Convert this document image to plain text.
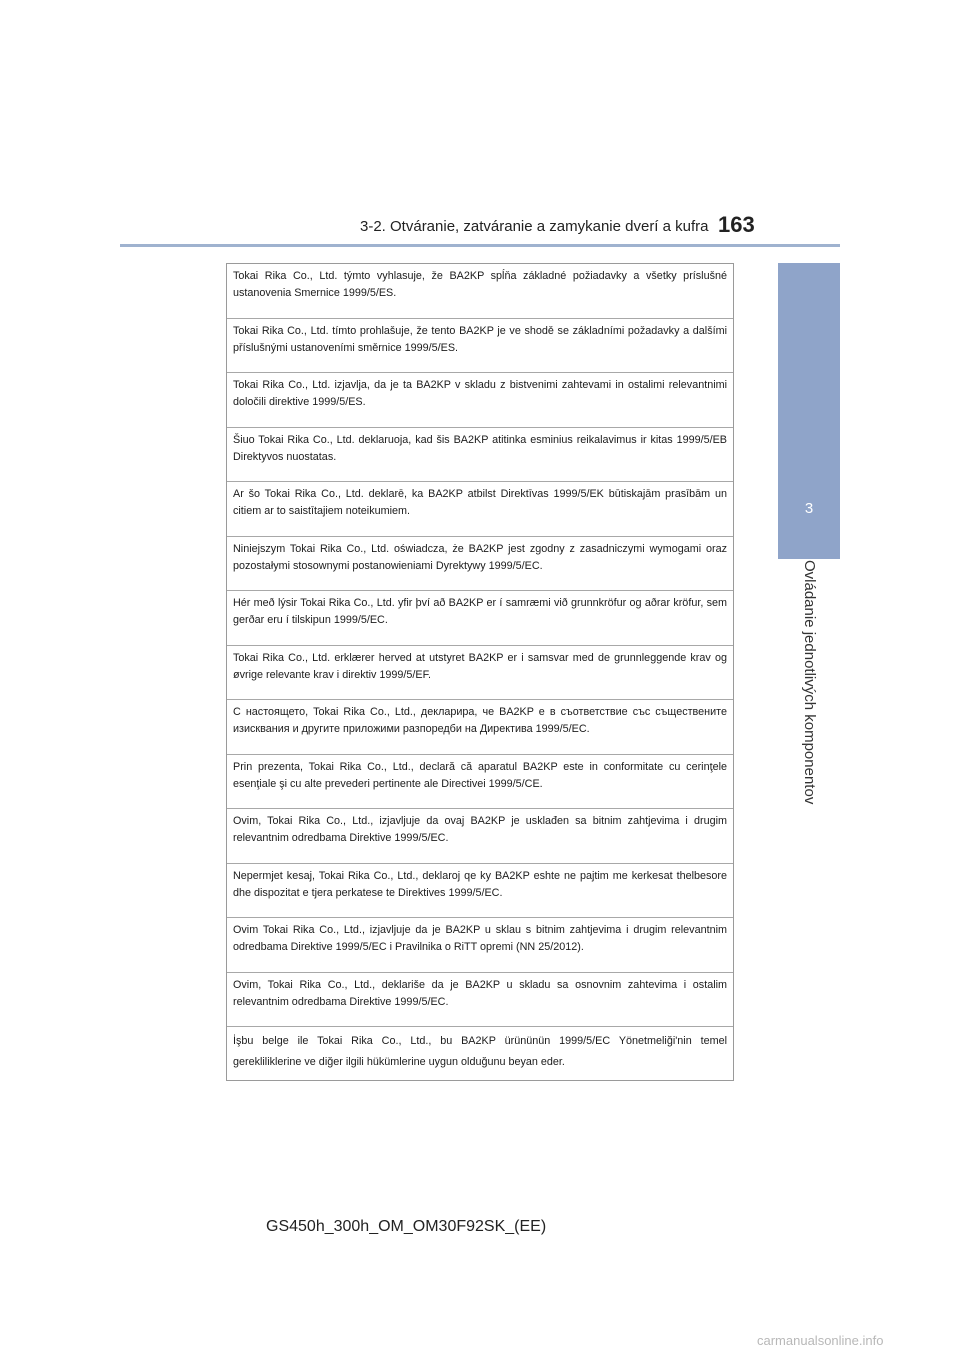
3-2. Otváranie, zatváranie a zamykanie dverí a kufra 163
3
Ovládanie jednotlivých komponentov
Tokai Rika Co., Ltd. týmto vyhlasuje, že BA2KP spĺňa základné požiadavky a všetky príslušné ustanovenia Smernice 1999/5/ES.
Tokai Rika Co., Ltd. tímto prohlašuje, že tento BA2KP je ve shodě se základními požadavky a dalšími příslušnými ustanoveními směrnice 1999/5/ES.
Tokai Rika Co., Ltd. izjavlja, da je ta BA2KP v skladu z bistvenimi zahtevami in ostalimi relevantnimi določili direktive 1999/5/ES.
Šiuo Tokai Rika Co., Ltd. deklaruoja, kad šis BA2KP atitinka esminius reikalavimus ir kitas 1999/5/EB Direktyvos nuostatas.
Ar šo Tokai Rika Co., Ltd. deklarē, ka BA2KP atbilst Direktīvas 1999/5/EK būtiskajām prasībām un citiem ar to saistītajiem noteikumiem.
Niniejszym Tokai Rika Co., Ltd. oświadcza, że BA2KP jest zgodny z zasadniczymi wymogami oraz pozostałymi stosownymi postanowieniami Dyrektywy 1999/5/EC.
Hér með lýsir Tokai Rika Co., Ltd. yfir því að BA2KP er í samræmi við grunnkröfur og aðrar kröfur, sem gerðar eru í tilskipun 1999/5/EC.
Tokai Rika Co., Ltd. erklærer herved at utstyret BA2KP er i samsvar med de grunnleggende krav og øvrige relevante krav i direktiv 1999/5/EF.
С настоящето, Tokai Rika Co., Ltd., декларира, че BA2KP е в съответствие със съществените изисквания и другите приложими разпоредби на Директива 1999/5/ЕС.
Prin prezenta, Tokai Rika Co., Ltd., declară că aparatul BA2KP este in conformitate cu cerinţele esenţiale şi cu alte prevederi pertinente ale Directivei 1999/5/CE.
Ovim, Tokai Rika Co., Ltd., izjavljuje da ovaj BA2KP je usklađen sa bitnim zahtjevima i drugim relevantnim odredbama Direktive 1999/5/EC.
Nepermjet kesaj, Tokai Rika Co., Ltd., deklaroj qe ky BA2KP eshte ne pajtim me kerkesat thelbesore dhe dispozitat e tjera perkatese te Direktives 1999/5/EC.
Ovim Tokai Rika Co., Ltd., izjavljuje da je BA2KP u sklau s bitnim zahtjevima i drugim relevantnim odredbama Direktive 1999/5/EC i Pravilnika o RiTT opremi (NN 25/2012).
Ovim, Tokai Rika Co., Ltd., deklariše da je BA2KP u skladu sa osnovnim zahtevima i ostalim relevantnim odredbama Direktive 1999/5/EC.
İşbu belge ile Tokai Rika Co., Ltd., bu BA2KP ürününün 1999/5/EC Yönetmeliği'nin temel gerekliliklerine ve diğer ilgili hükümlerine uygun olduğunu beyan eder.
GS450h_300h_OM_OM30F92SK_(EE)
carmanualsonline.info
